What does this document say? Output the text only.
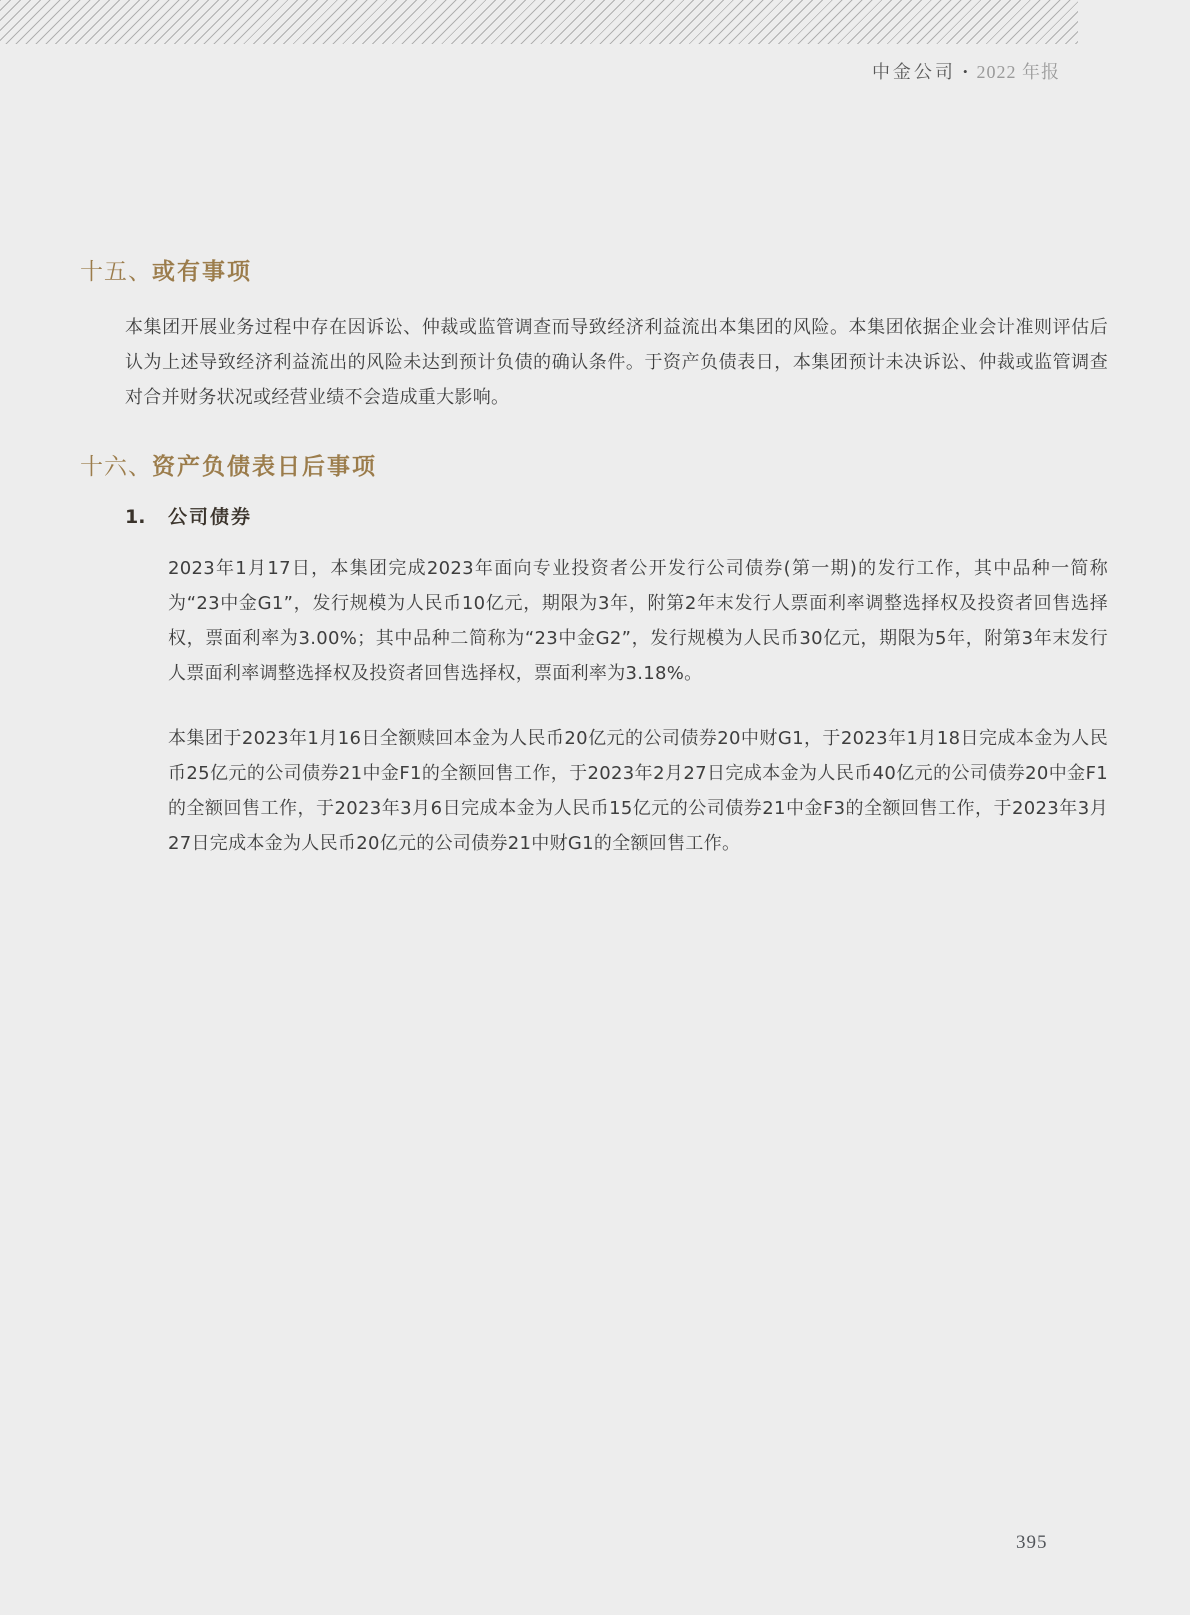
中金公司 • 2022 年报
十五、或有事项

本集团开展业务过程中存在因诉讼、仲裁或监管调查而导致经济利益流出本集团的风险。本集团依据企业会计准则评估后认为上述导致经济利益流出的风险未达到预计负债的确认条件。于资产负债表日，本集团预计未决诉讼、仲裁或监管调查对合并财务状况或经营业绩不会造成重大影响。

十六、资产负债表日后事项
1.	公司债券

2023年1月17日，本集团完成2023年面向专业投资者公开发行公司债券(第一期)的发行工作，其中品种一简称为“23中金G1”，发行规模为人民币10亿元，期限为3年，附第2年末发行人票面利率调整选择权及投资者回售选择权，票面利率为3.00%；其中品种二简称为“23中金G2”，发行规模为人民币30亿元，期限为5年，附第3年末发行人票面利率调整选择权及投资者回售选择权，票面利率为3.18%。

本集团于2023年1月16日全额赎回本金为人民币20亿元的公司债券20中财G1，于2023年1月18日完成本金为人民币25亿元的公司债券21中金F1的全额回售工作，于2023年2月27日完成本金为人民币40亿元的公司债券20中金F1的全额回售工作，于2023年3月6日完成本金为人民币15亿元的公司债券21中金F3的全额回售工作，于2023年3月27日完成本金为人民币20亿元的公司债券21中财G1的全额回售工作。

395
